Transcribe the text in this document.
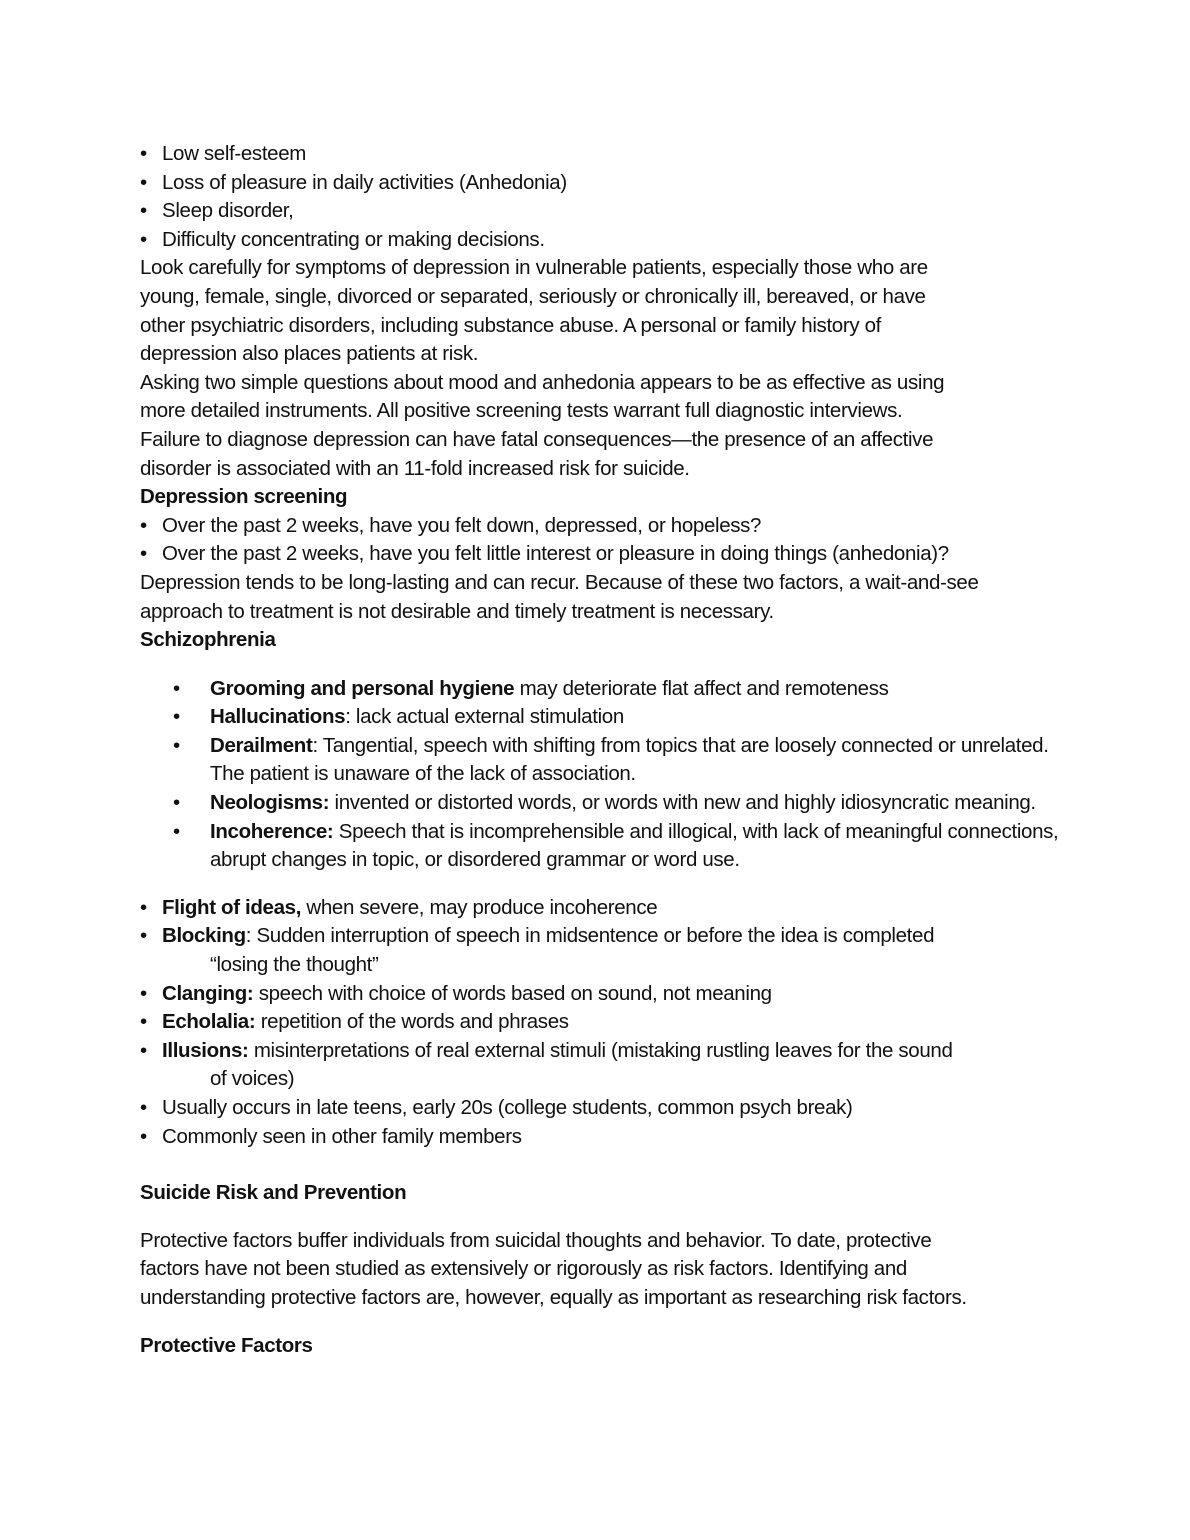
• Low self-esteem
• Loss of pleasure in daily activities (Anhedonia)
• Sleep disorder,
• Difficulty concentrating or making decisions.
Look carefully for symptoms of depression in vulnerable patients, especially those who are
young, female, single, divorced or separated, seriously or chronically ill, bereaved, or have
other psychiatric disorders, including substance abuse. A personal or family history of
depression also places patients at risk.
Asking two simple questions about mood and anhedonia appears to be as effective as using
more detailed instruments. All positive screening tests warrant full diagnostic interviews.
Failure to diagnose depression can have fatal consequences—the presence of an affective
disorder is associated with an 11-fold increased risk for suicide.
Depression screening
• Over the past 2 weeks, have you felt down, depressed, or hopeless?
• Over the past 2 weeks, have you felt little interest or pleasure in doing things (anhedonia)?
Depression tends to be long-lasting and can recur. Because of these two factors, a wait-and-see
approach to treatment is not desirable and timely treatment is necessary.
Schizophrenia
•	Grooming and personal hygiene may deteriorate flat affect and remoteness
•	Hallucinations: lack actual external stimulation
•	Derailment: Tangential, speech with shifting from topics that are loosely connected or unrelated. The patient is unaware of the lack of association.
•	Neologisms: invented or distorted words, or words with new and highly idiosyncratic meaning.
•	Incoherence: Speech that is incomprehensible and illogical, with lack of meaningful connections, abrupt changes in topic, or disordered grammar or word use.
• Flight of ideas, when severe, may produce incoherence
• Blocking: Sudden interruption of speech in midsentence or before the idea is completed
“losing the thought”
• Clanging: speech with choice of words based on sound, not meaning
• Echolalia: repetition of the words and phrases
• Illusions: misinterpretations of real external stimuli (mistaking rustling leaves for the sound
of voices)
• Usually occurs in late teens, early 20s (college students, common psych break)
• Commonly seen in other family members
Suicide Risk and Prevention
Protective factors buffer individuals from suicidal thoughts and behavior. To date, protective
factors have not been studied as extensively or rigorously as risk factors. Identifying and
understanding protective factors are, however, equally as important as researching risk factors.
Protective Factors
